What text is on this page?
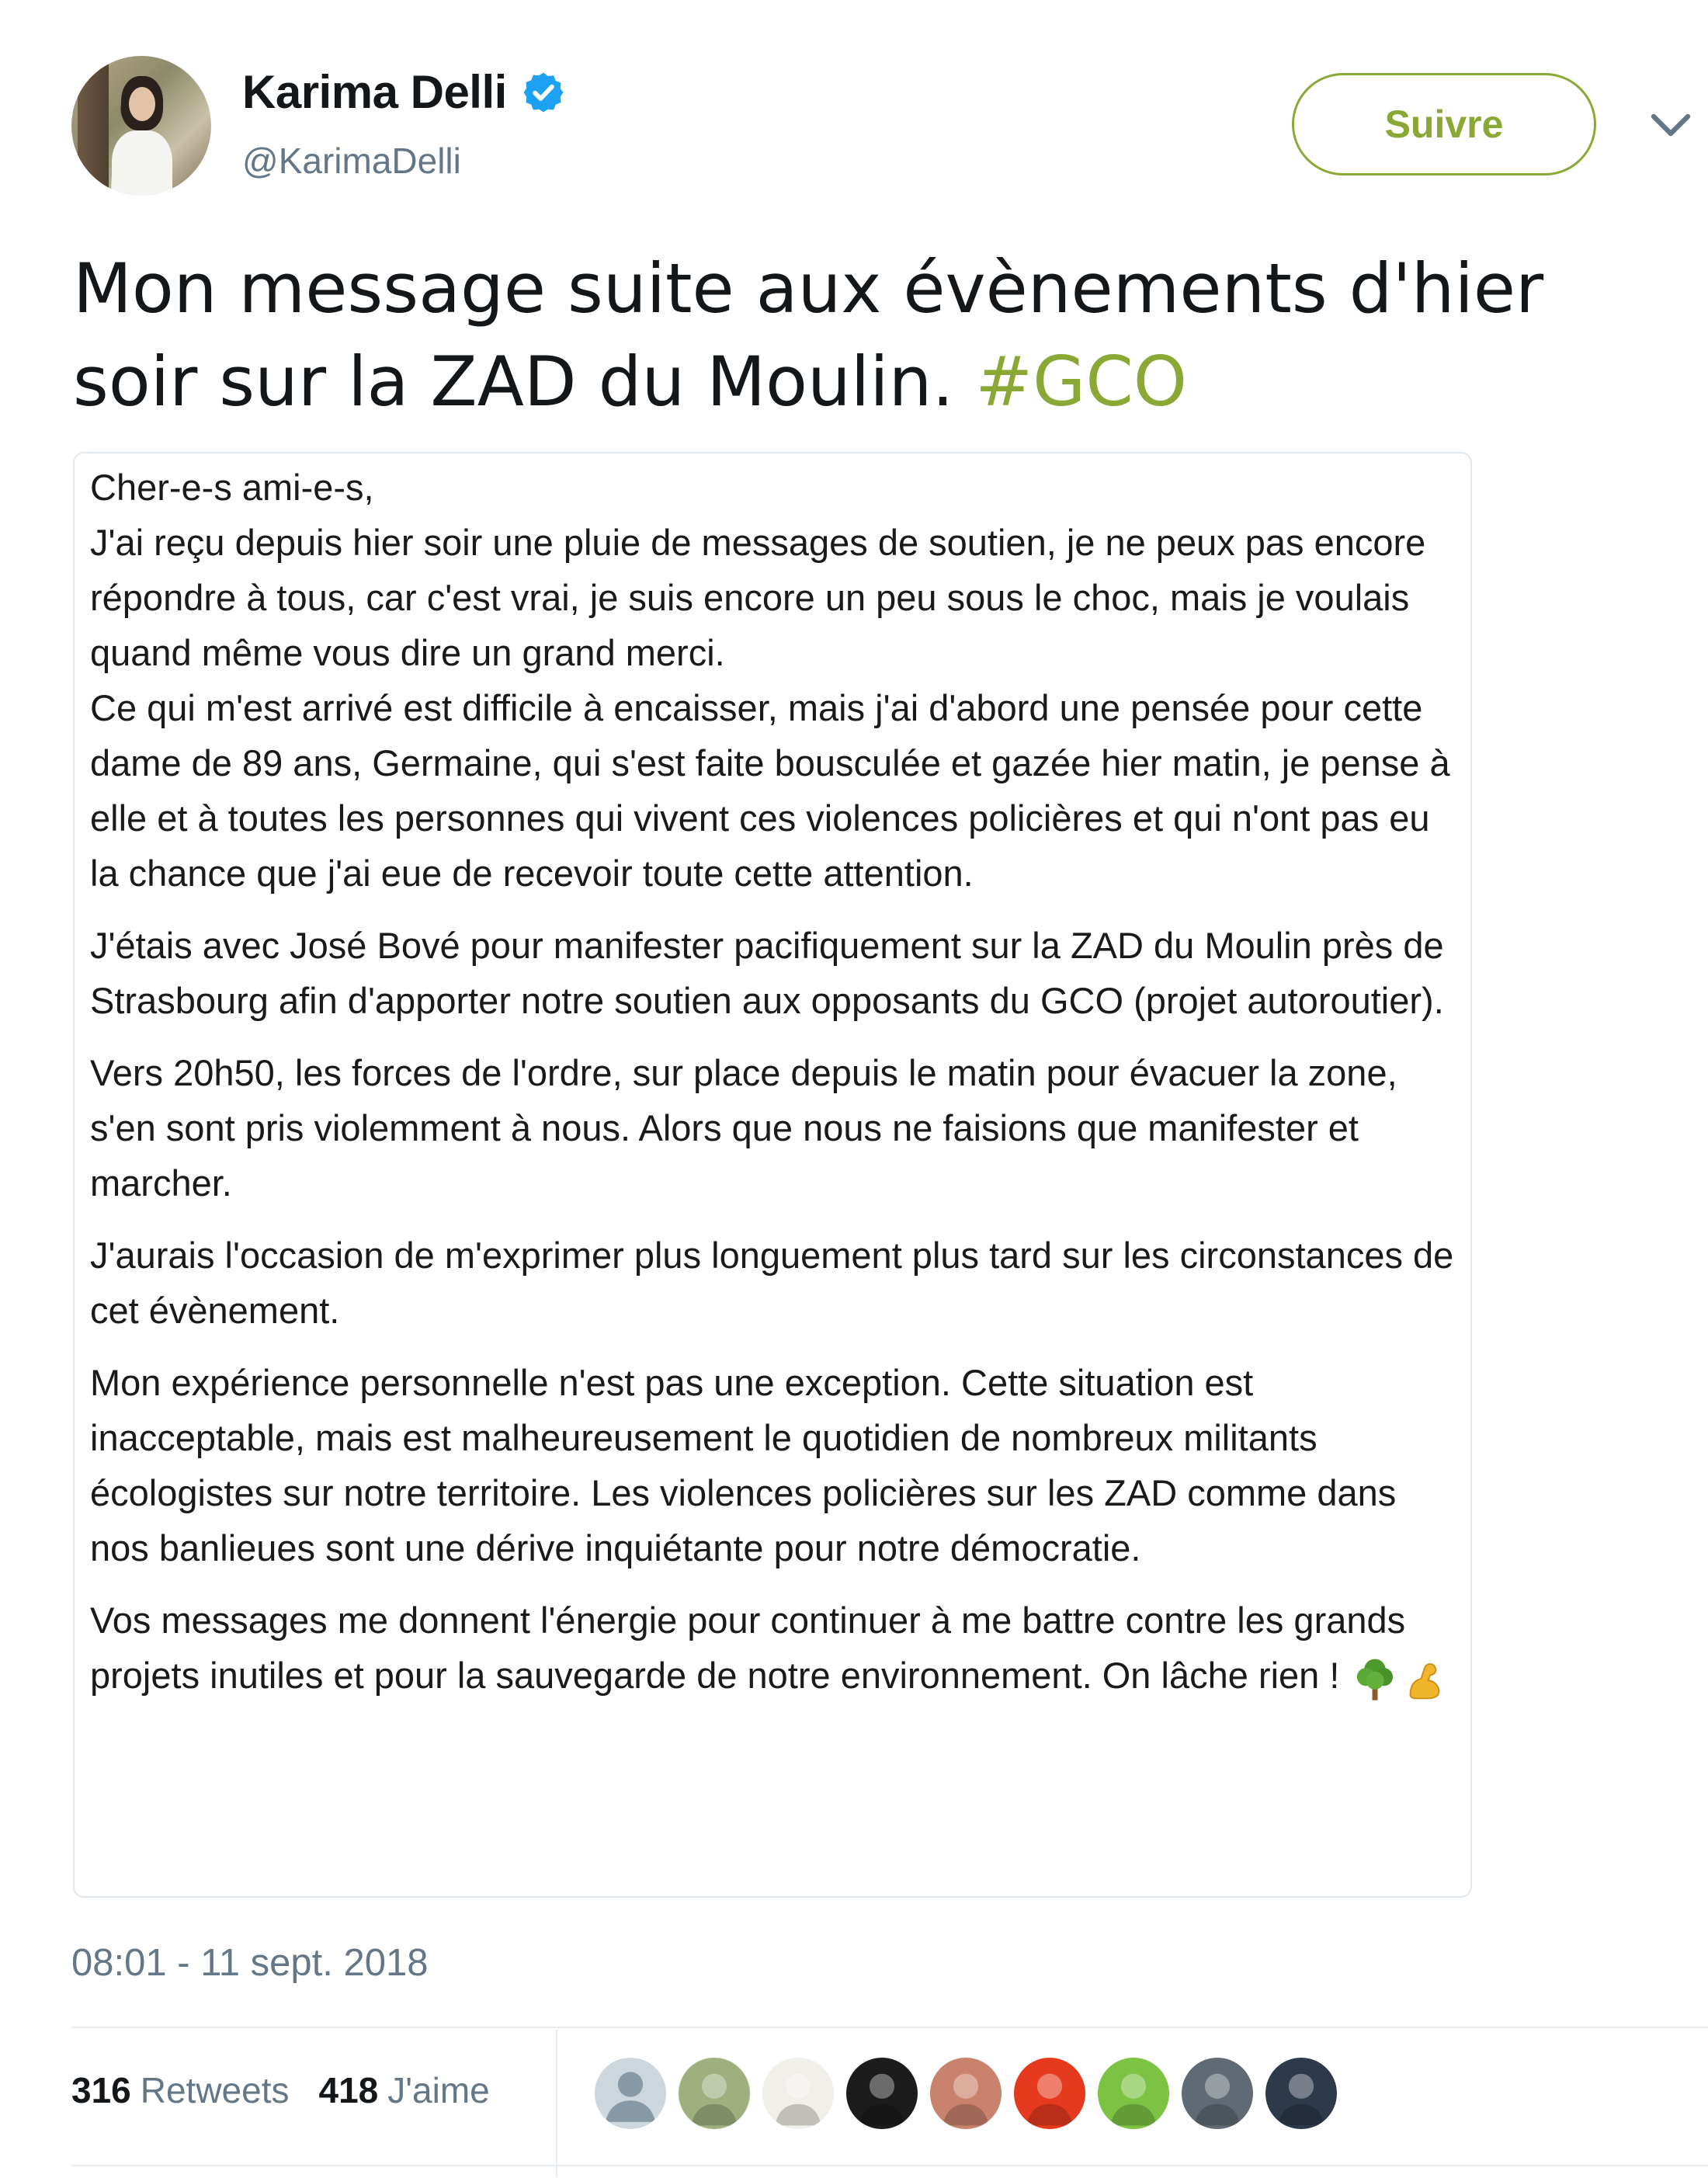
Karima Delli
@KarimaDelli
Suivre
Mon message suite aux évènements d'hier soir sur la ZAD du Moulin. #GCO

Cher-e-s ami-e-s,

J'ai reçu depuis hier soir une pluie de messages de soutien, je ne peux pas encore répondre à tous, car c'est vrai, je suis encore un peu sous le choc, mais je voulais quand même vous dire un grand merci.

Ce qui m'est arrivé est difficile à encaisser, mais j'ai d'abord une pensée pour cette dame de 89 ans, Germaine, qui s'est faite bousculée et gazée hier matin, je pense à elle et à toutes les personnes qui vivent ces violences policières et qui n'ont pas eu la chance que j'ai eue de recevoir toute cette attention.

J'étais avec José Bové pour manifester pacifiquement sur la ZAD du Moulin près de Strasbourg afin d'apporter notre soutien aux opposants du GCO (projet autoroutier).

Vers 20h50, les forces de l'ordre, sur place depuis le matin pour évacuer la zone, s'en sont pris violemment à nous. Alors que nous ne faisions que manifester et marcher.

J'aurais l'occasion de m'exprimer plus longuement plus tard sur les circonstances de cet évènement.

Mon expérience personnelle n'est pas une exception. Cette situation est inacceptable, mais est malheureusement le quotidien de nombreux militants écologistes sur notre territoire. Les violences policières sur les ZAD comme dans nos banlieues sont une dérive inquiétante pour notre démocratie.

Vos messages me donnent l'énergie pour continuer à me battre contre les grands projets inutiles et pour la sauvegarde de notre environnement. On lâche rien !

08:01 - 11 sept. 2018
316 Retweets 418 J'aime
